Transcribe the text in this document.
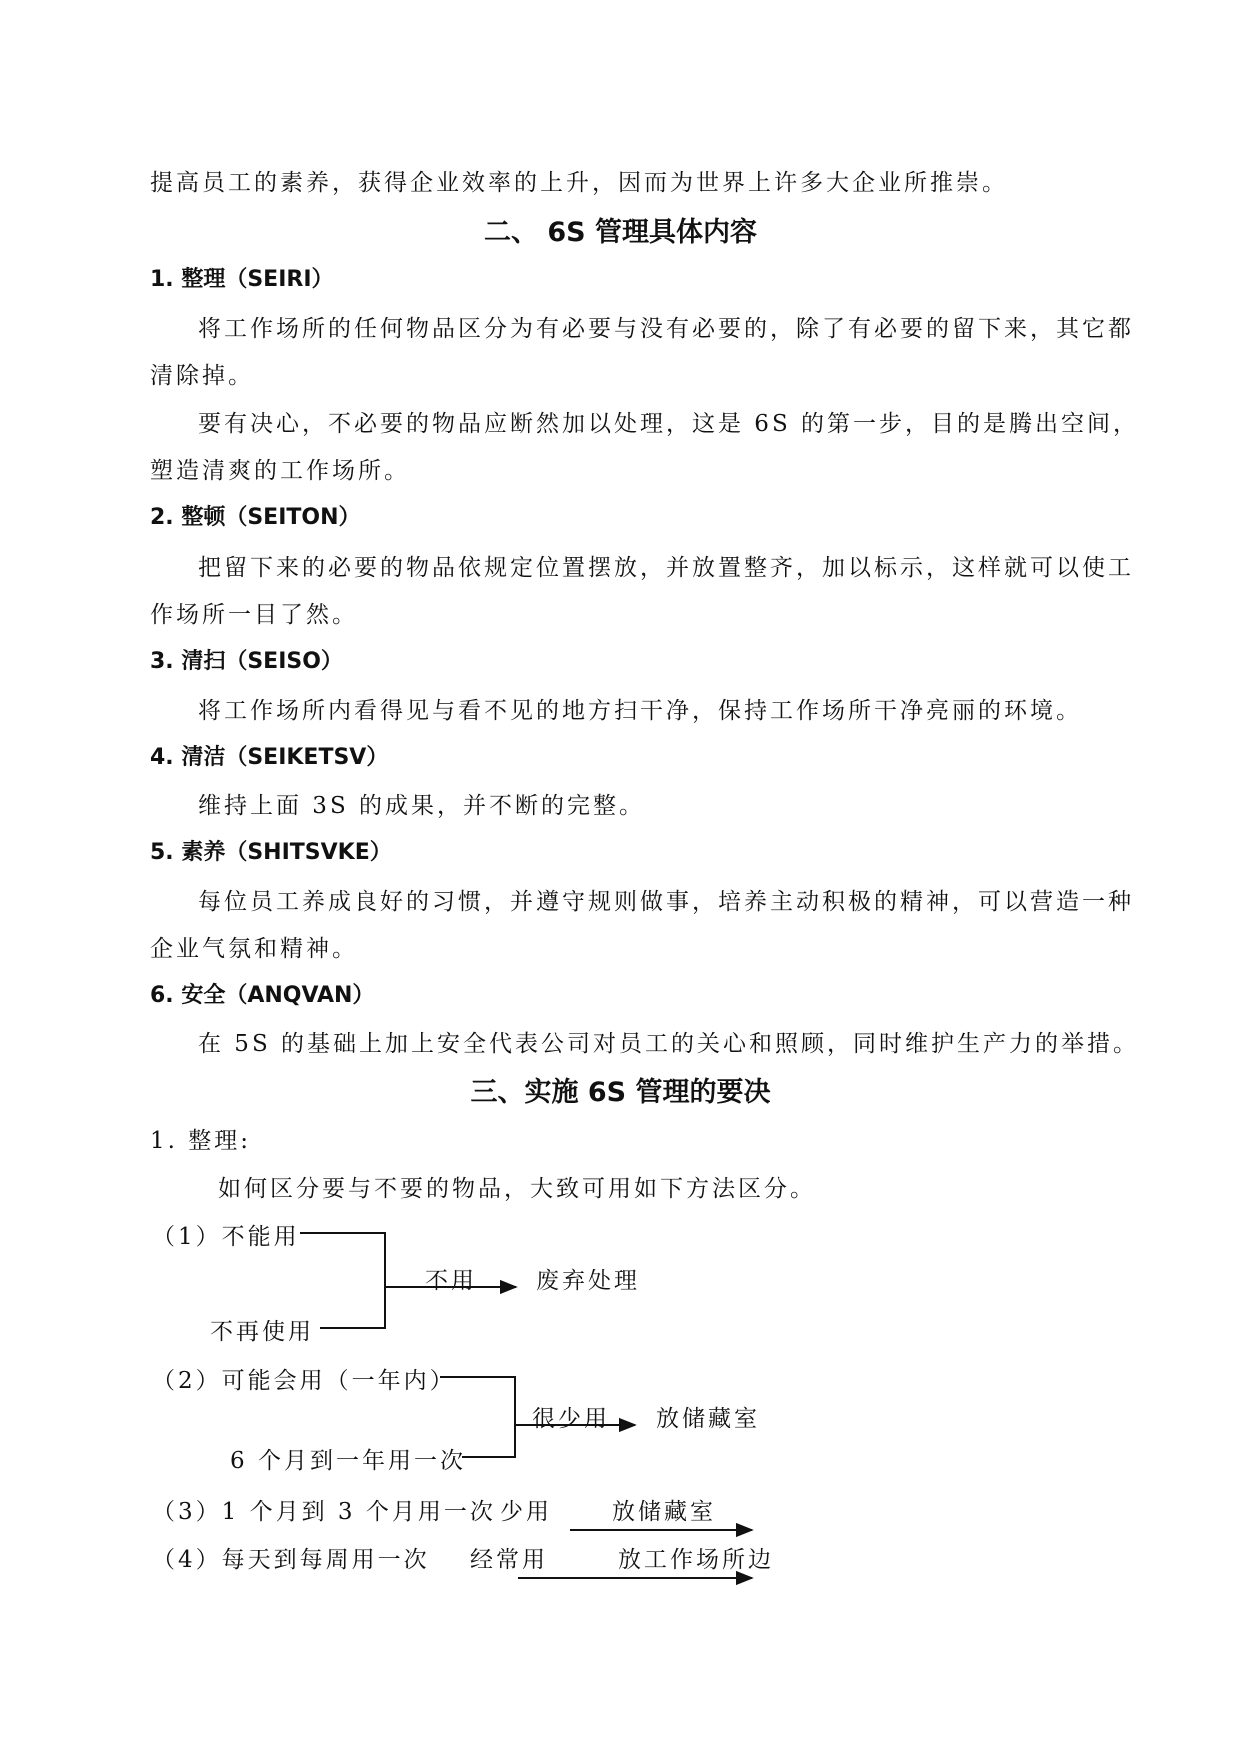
提高员工的素养，获得企业效率的上升，因而为世界上许多大企业所推崇。
二、 6S 管理具体内容
1. 整理（SEIRI）
将工作场所的任何物品区分为有必要与没有必要的，除了有必要的留下来，其它都
清除掉。
要有决心，不必要的物品应断然加以处理，这是 6S 的第一步，目的是腾出空间，
塑造清爽的工作场所。
2. 整顿（SEITON）
把留下来的必要的物品依规定位置摆放，并放置整齐，加以标示，这样就可以使工
作场所一目了然。
3. 清扫（SEISO）
将工作场所内看得见与看不见的地方扫干净，保持工作场所干净亮丽的环境。
4. 清洁（SEIKETSV）
维持上面 3S 的成果，并不断的完整。
5. 素养（SHITSVKE）
每位员工养成良好的习惯，并遵守规则做事，培养主动积极的精神，可以营造一种
企业气氛和精神。
6. 安全（ANQVAN）
在 5S 的基础上加上安全代表公司对员工的关心和照顾，同时维护生产力的举措。
三、实施 6S 管理的要决
1. 整理:
如何区分要与不要的物品，大致可用如下方法区分。
（1）不能用
不再使用
不用	废弃处理
（2）可能会用（一年内）
6 个月到一年用一次
很少用 放储藏室
（3）1 个月到 3 个月用一次 少用	放储藏室
（4）每天到每周用一次 经常用	放工作场所边
